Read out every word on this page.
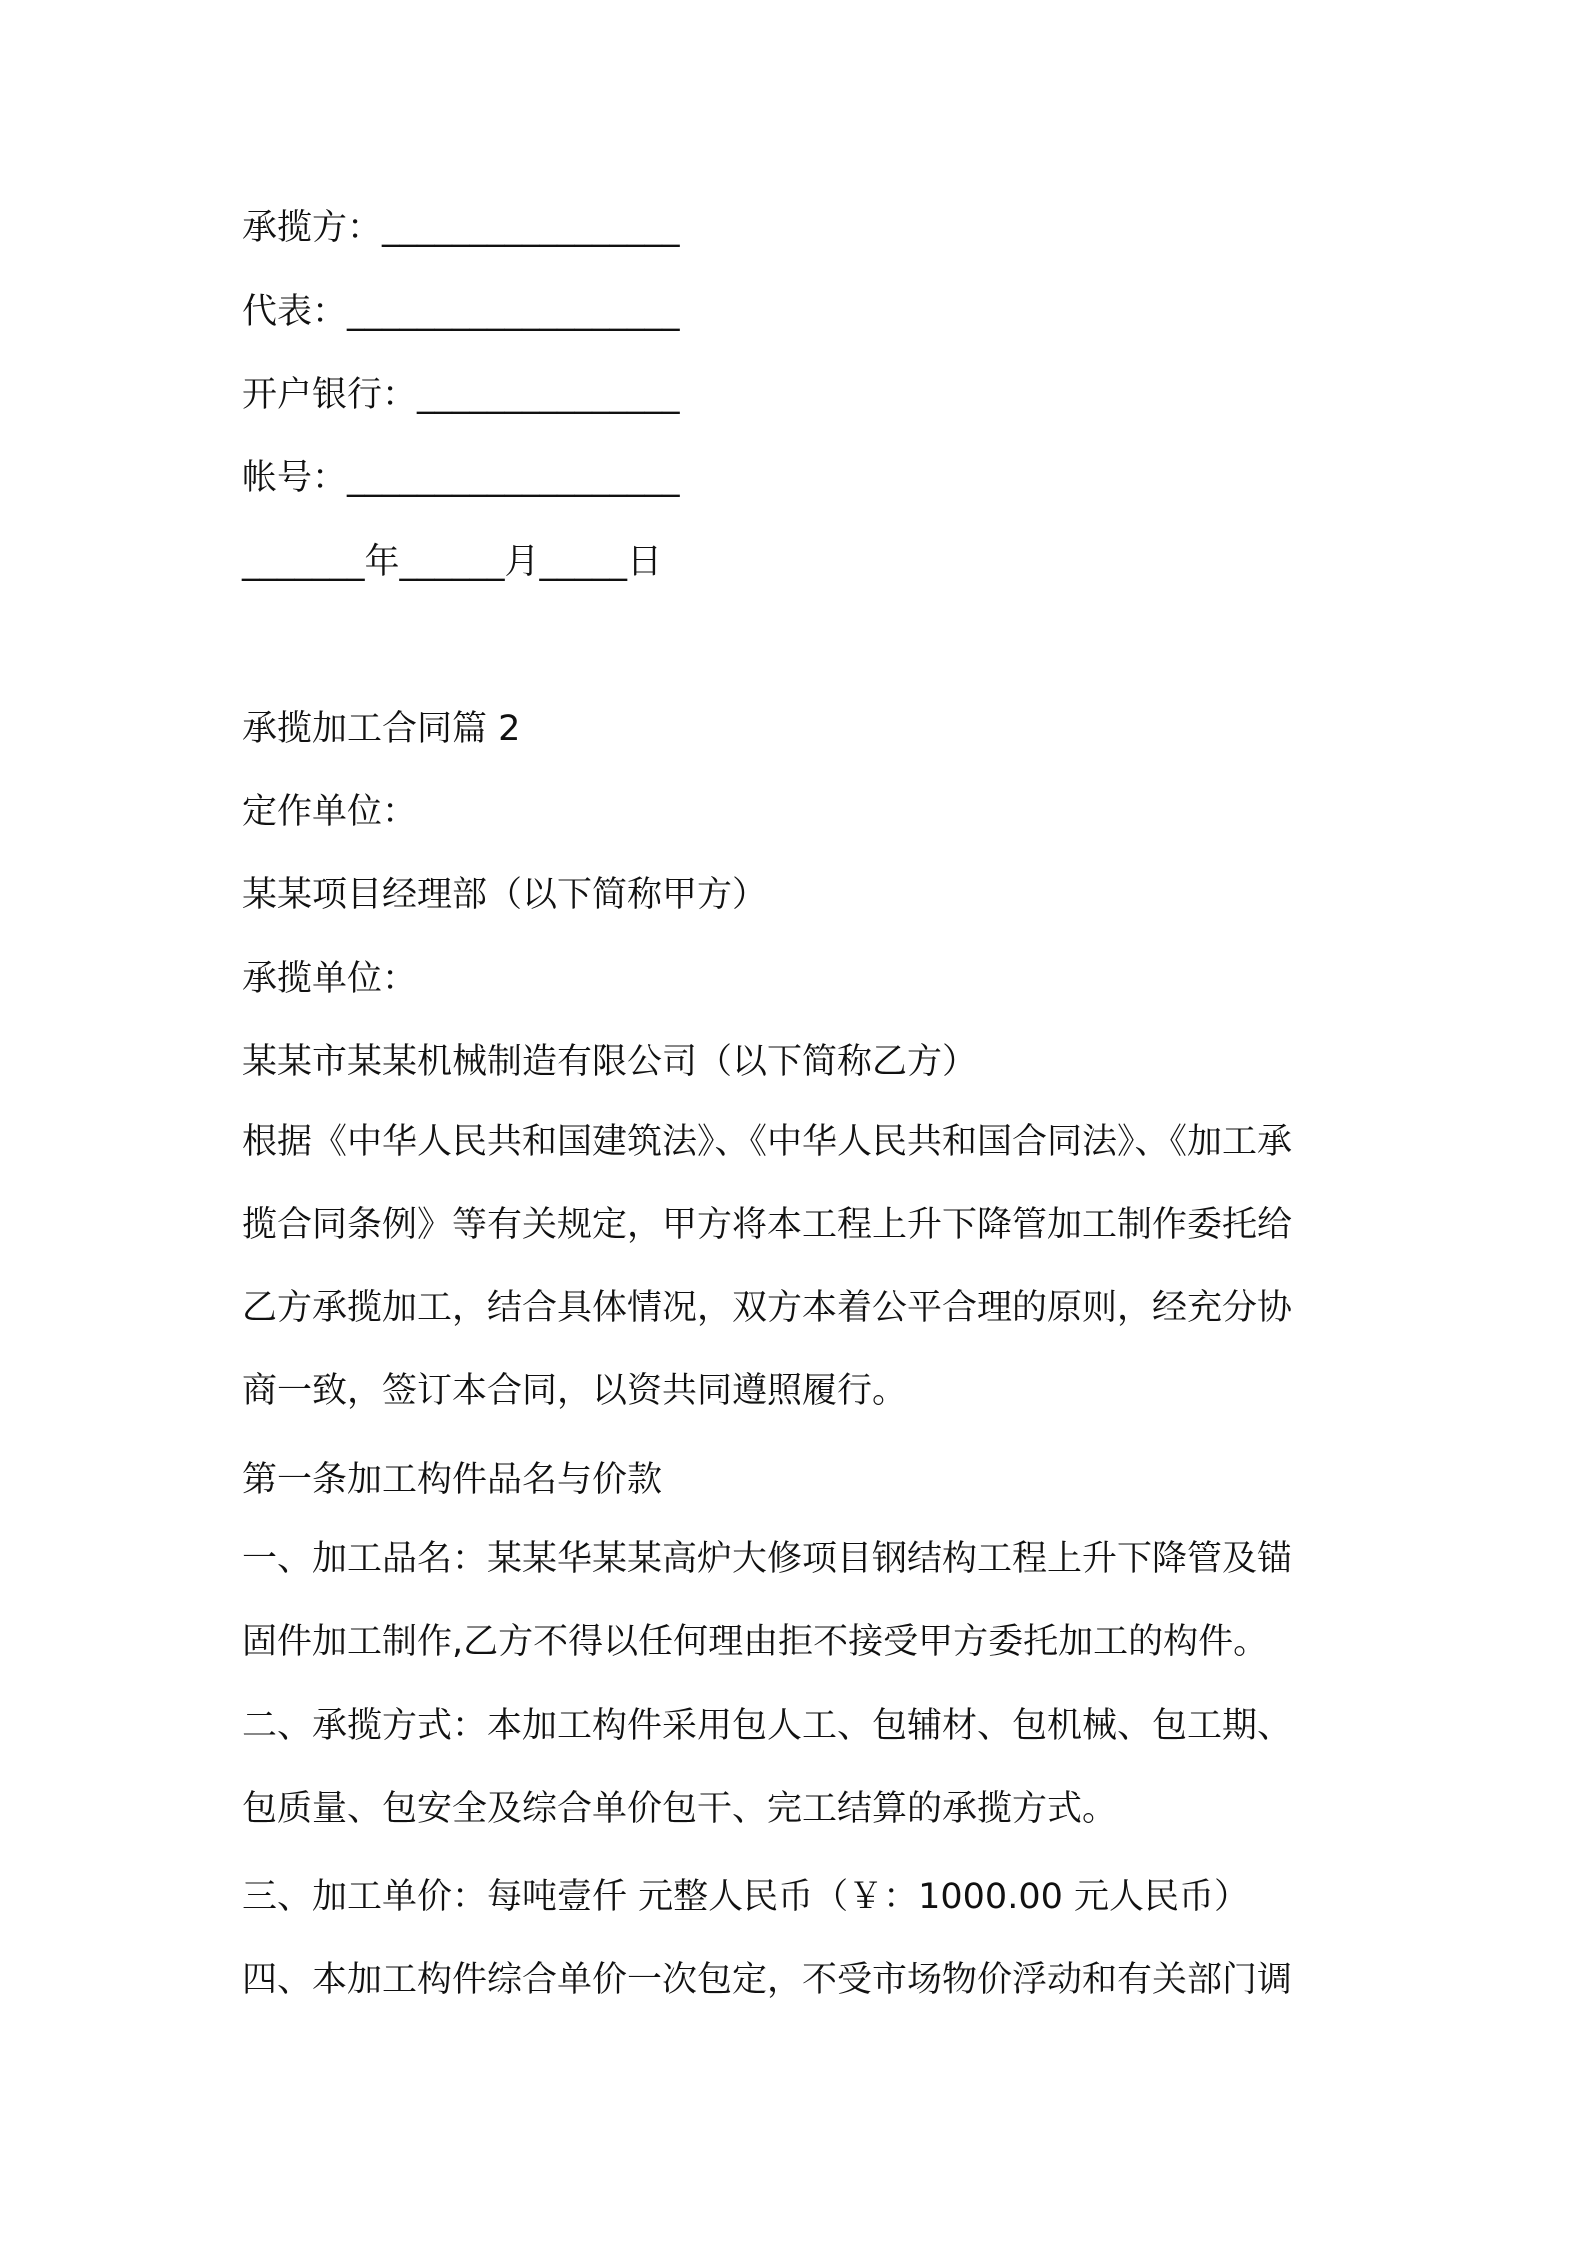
承揽方：_________________
代表：___________________
开户银行：_______________
帐号：___________________
_______年______月_____日
承揽加工合同篇 2
定作单位：
某某项目经理部（以下简称甲方）
承揽单位：
某某市某某机械制造有限公司（以下简称乙方）
根据《中华人民共和国建筑法》、《中华人民共和国合同法》、《加工承
揽合同条例》等有关规定，甲方将本工程上升下降管加工制作委托给
乙方承揽加工，结合具体情况，双方本着公平合理的原则，经充分协
商一致，签订本合同，以资共同遵照履行。
第一条加工构件品名与价款
一、加工品名：某某华某某高炉大修项目钢结构工程上升下降管及锚
固件加工制作,乙方不得以任何理由拒不接受甲方委托加工的构件。
二、承揽方式：本加工构件采用包人工、包辅材、包机械、包工期、
包质量、包安全及综合单价包干、完工结算的承揽方式。
三、加工单价：每吨壹仟 元整人民币（￥：1000.00 元人民币）
四、本加工构件综合单价一次包定，不受市场物价浮动和有关部门调
